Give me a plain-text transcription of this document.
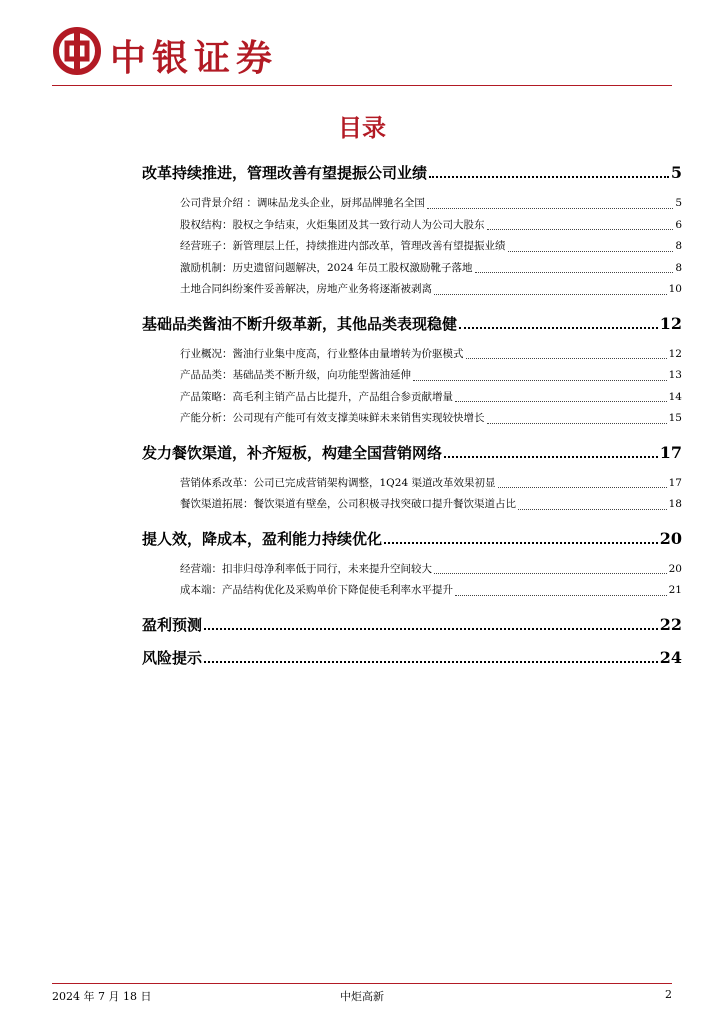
中银证券
目录
改革持续推进，管理改善有望提振公司业绩	5
公司背景介绍 ：调味品龙头企业，厨邦品牌驰名全国	5
股权结构：股权之争结束，火炬集团及其一致行动人为公司大股东	6
经营班子：新管理层上任，持续推进内部改革，管理改善有望提振业绩	8
激励机制：历史遗留问题解决，2024 年员工股权激励靴子落地	8
土地合同纠纷案件妥善解决，房地产业务将逐渐被剥离	10
基础品类酱油不断升级革新，其他品类表现稳健	12
行业概况：酱油行业集中度高，行业整体由量增转为价驱模式	12
产品品类：基础品类不断升级，向功能型酱油延伸	13
产品策略：高毛利主销产品占比提升，产品组合参贡献增量	14
产能分析：公司现有产能可有效支撑美味鲜未来销售实现较快增长	15
发力餐饮渠道，补齐短板，构建全国营销网络	17
营销体系改革：公司已完成营销架构调整，1Q24 渠道改革效果初显	17
餐饮渠道拓展：餐饮渠道有壁垒，公司积极寻找突破口提升餐饮渠道占比	18
提人效，降成本，盈利能力持续优化	20
经营端：扣非归母净利率低于同行，未来提升空间较大	20
成本端：产品结构优化及采购单价下降促使毛利率水平提升	21
盈利预测	22
风险提示	24
2024 年 7 月 18 日	中炬高新	2
